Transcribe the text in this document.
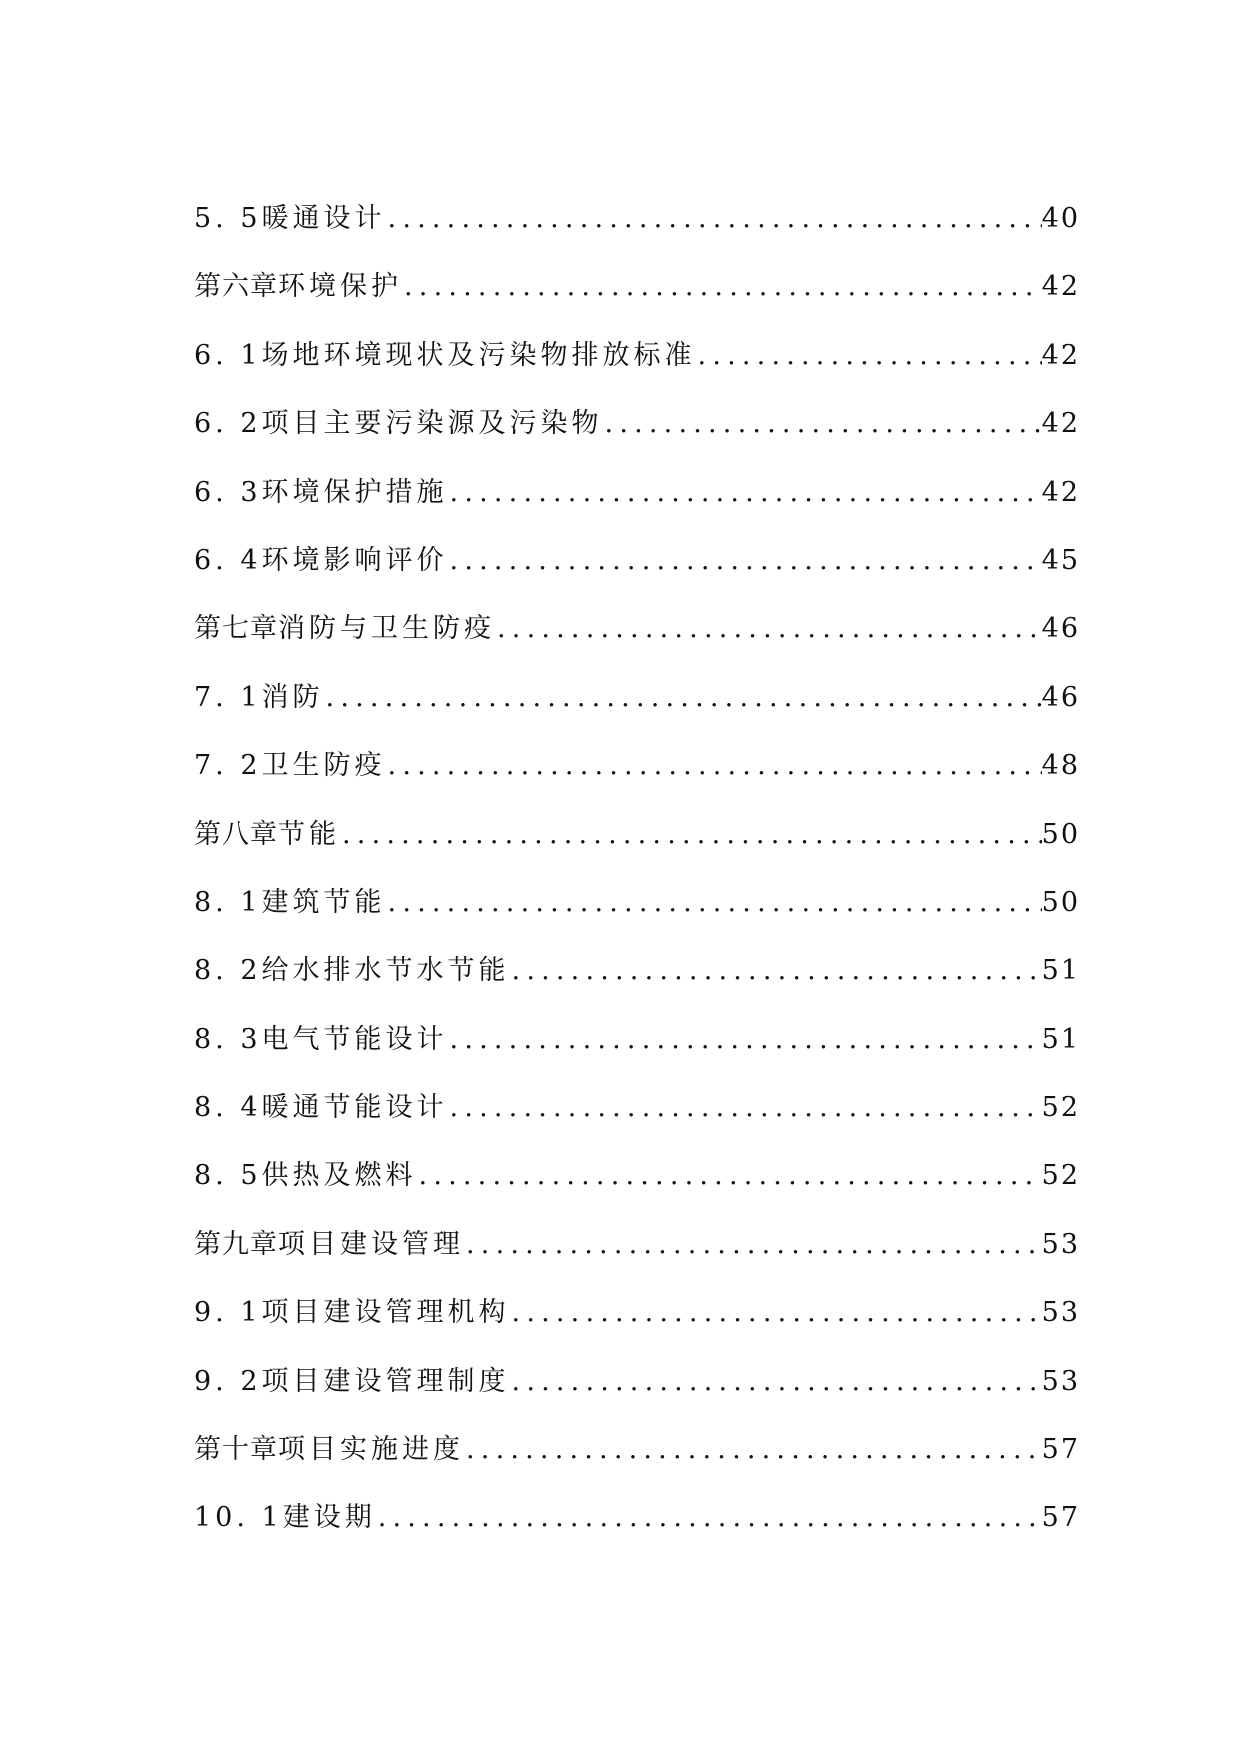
5. 5 暖通设计 .....	40
第六章 环境保护 .....	42
6. 1 场地环境现状及污染物排放标准 .....	42
6. 2 项目主要污染源及污染物 .....	42
6. 3 环境保护措施 .....	42
6. 4 环境影响评价 .....	45
第七章 消防与卫生防疫 .....	46
7. 1 消防 .....	46
7. 2 卫生防疫 .....	48
第八章 节能 .....	50
8. 1 建筑节能 .....	50
8. 2 给水排水节水节能 .....	51
8. 3 电气节能设计 .....	51
8. 4 暖通节能设计 .....	52
8. 5 供热及燃料 .....	52
第九章 项目建设管理 .....	53
9. 1 项目建设管理机构 .....	53
9. 2 项目建设管理制度 .....	53
第十章 项目实施进度 .....	57
10. 1 建设期 .....	57
